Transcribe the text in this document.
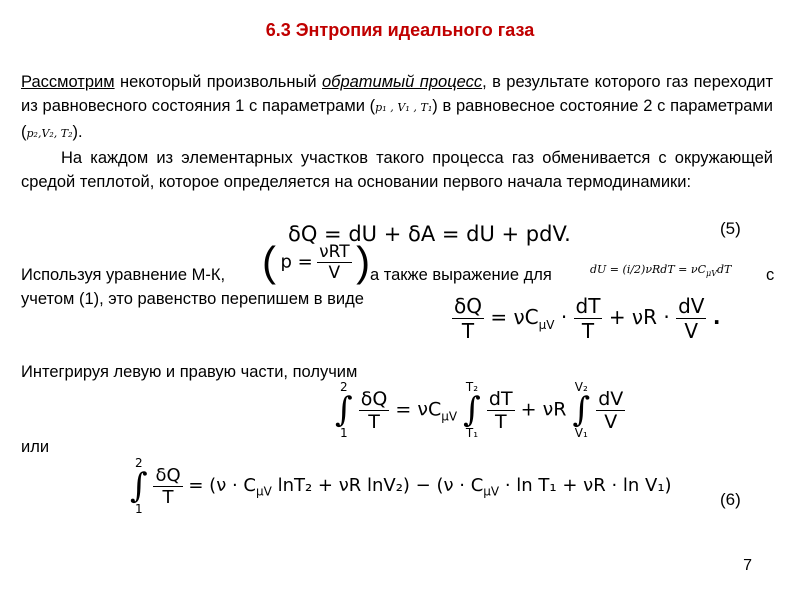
6.3 Энтропия идеального газа
Рассмотрим некоторый произвольный обратимый процесс, в результате которого газ переходит из равновесного состояния 1 с параметрами (p₁ , V₁ , T₁) в равновесное состояние 2 с параметрами (p₂,V₂, T₂).
На каждом из элементарных участков такого процесса газ обменивается с окружающей средой теплотой, которое определяется на основании первого начала термодинамики:
δQ = dU + δA = dU + pdV.	(5)
Используя уравнение М-К, ( $p = \frac{\text{νRT}}{V}$ ) а также выражение для	dU = $(i/2)\nu RdT = \nu C_{\mu V}dT$ с
учетом (1), это равенство перепишем в виде	$\frac{\delta Q}{T} = \nu C_{\mu V} \cdot \frac{dT}{T} + \nu R \cdot \frac{dV}{V}$ .
Интегрируя левую и правую части, получим
2
∫
1
$\frac{\delta Q}{T} = \nu C_{\mu V}$ T₂
∫
T₁
$\frac{dT}{T} + \nu R$ V₂
∫
V₁
$\frac{dV}{V}$
или
2
∫
1
$\frac{\delta Q}{T} = (\nu \cdot C_{\mu V}$ lnT₂ + νR $\ln V_2) - (\nu \cdot C_{\mu V} \cdot \ln T_1 + \nu R \cdot \ln V_1)$
(6)
7
